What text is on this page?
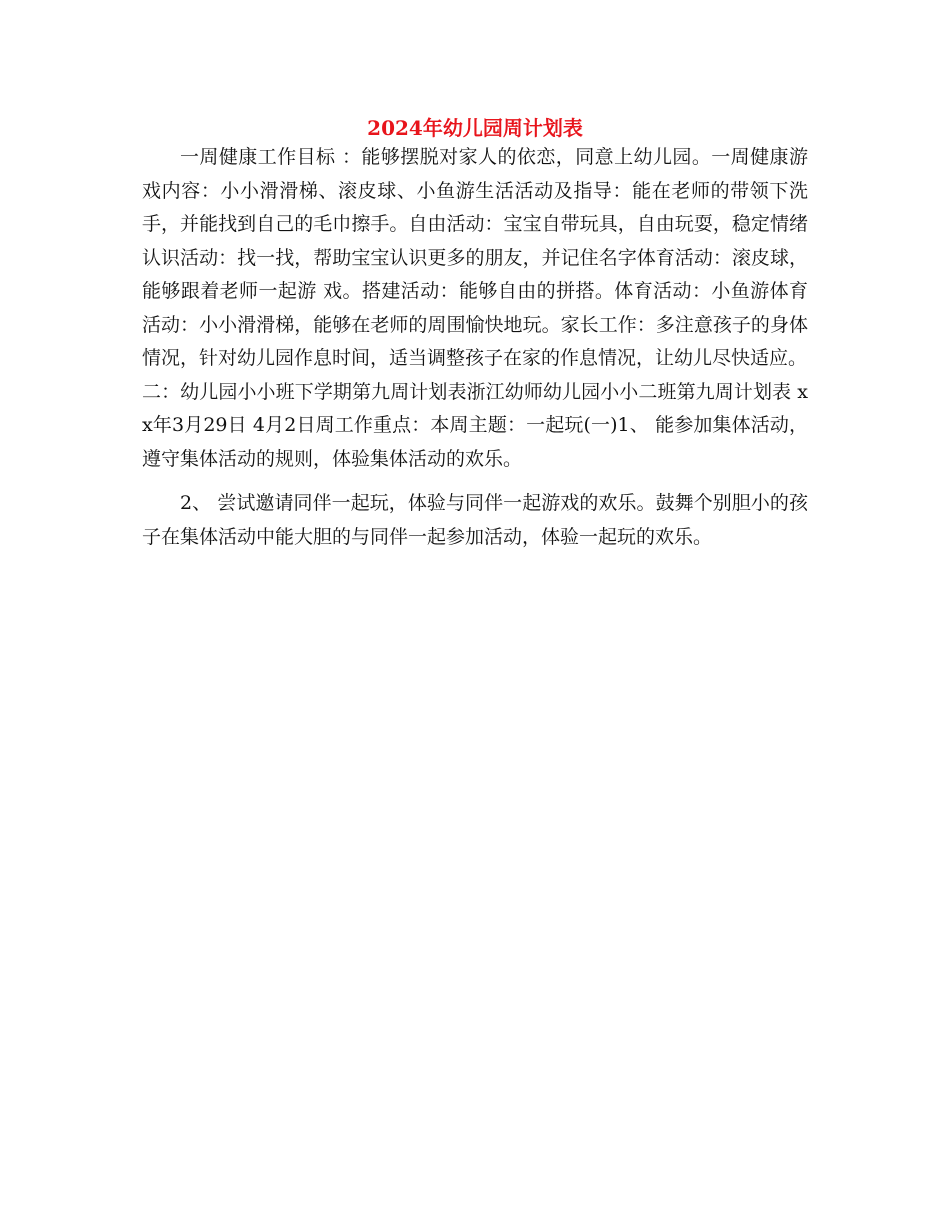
2024年幼儿园周计划表

一周健康工作目标 ：能够摆脱对家人的依恋，同意上幼儿园。一周健康游戏内容：小小滑滑梯、滚皮球、小鱼游生活活动及指导：能在老师的带领下洗手，并能找到自己的毛巾擦手。自由活动：宝宝自带玩具，自由玩耍，稳定情绪认识活动：找一找，帮助宝宝认识更多的朋友，并记住名字体育活动：滚皮球，能够跟着老师一起游 戏。搭建活动：能够自由的拼搭。体育活动：小鱼游体育活动：小小滑滑梯，能够在老师的周围愉快地玩。家长工作：多注意孩子的身体情况，针对幼儿园作息时间，适当调整孩子在家的作息情况，让幼儿尽快适应。

二：幼儿园小小班下学期第九周计划表浙江幼师幼儿园小小二班第九周计划表 xx年3月29日 4月2日周工作重点：本周主题：一起玩(一)1、 能参加集体活动，遵守集体活动的规则，体验集体活动的欢乐。

2、 尝试邀请同伴一起玩，体验与同伴一起游戏的欢乐。鼓舞个别胆小的孩子在集体活动中能大胆的与同伴一起参加活动，体验一起玩的欢乐。
